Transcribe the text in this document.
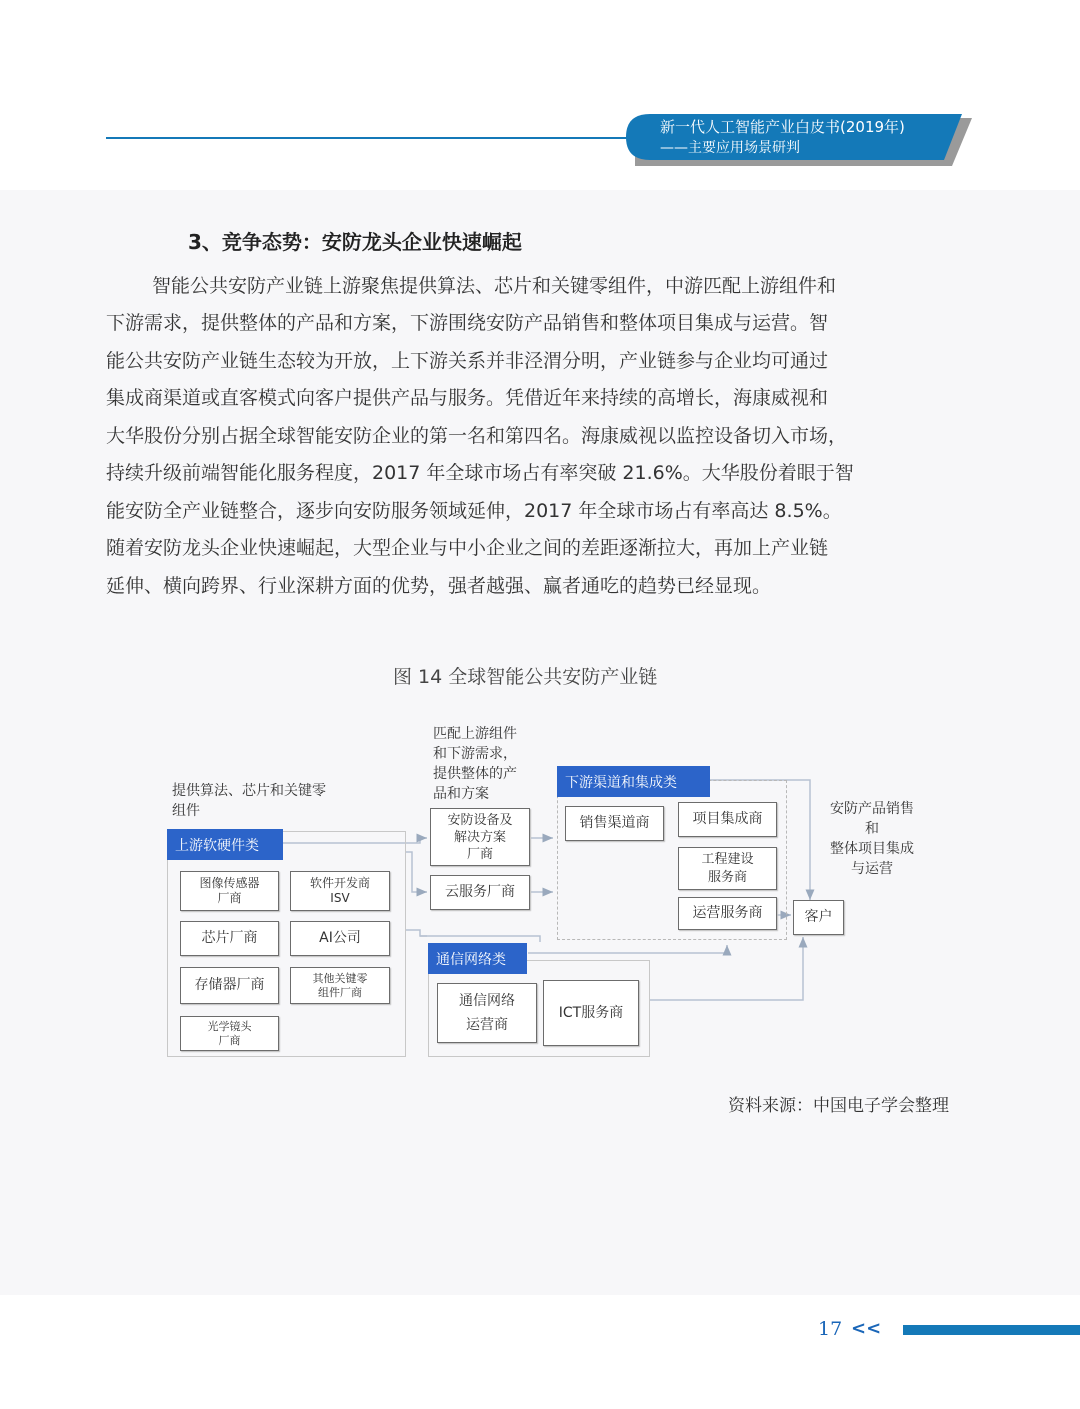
新一代人工智能产业白皮书(2019年)
——主要应用场景研判
3、竞争态势：安防龙头企业快速崛起
智能公共安防产业链上游聚焦提供算法、芯片和关键零组件，中游匹配上游组件和
下游需求，提供整体的产品和方案，下游围绕安防产品销售和整体项目集成与运营。智
能公共安防产业链生态较为开放，上下游关系并非泾渭分明，产业链参与企业均可通过
集成商渠道或直客模式向客户提供产品与服务。凭借近年来持续的高增长，海康威视和
大华股份分别占据全球智能安防企业的第一名和第四名。海康威视以监控设备切入市场，
持续升级前端智能化服务程度，2017 年全球市场占有率突破 21.6%。大华股份着眼于智
能安防全产业链整合，逐步向安防服务领域延伸，2017 年全球市场占有率高达 8.5%。
随着安防龙头企业快速崛起，大型企业与中小企业之间的差距逐渐拉大，再加上产业链
延伸、横向跨界、行业深耕方面的优势，强者越强、赢者通吃的趋势已经显现。
图 14 全球智能公共安防产业链
提供算法、芯片和关键零
组件
匹配上游组件
和下游需求，
提供整体的产
品和方案
安防产品销售
和
整体项目集成
与运营
上游软硬件类
图像传感器
厂商
软件开发商
ISV
芯片厂商	AI公司
存储器厂商	其他关键零
组件厂商
光学镜头
厂商
安防设备及
解决方案
厂商
云服务厂商
下游渠道和集成类
销售渠道商	项目集成商
工程建设
服务商
运营服务商	客户
通信网络类
通信网络
运营商
ICT服务商
资料来源：中国电子学会整理
17 <<
